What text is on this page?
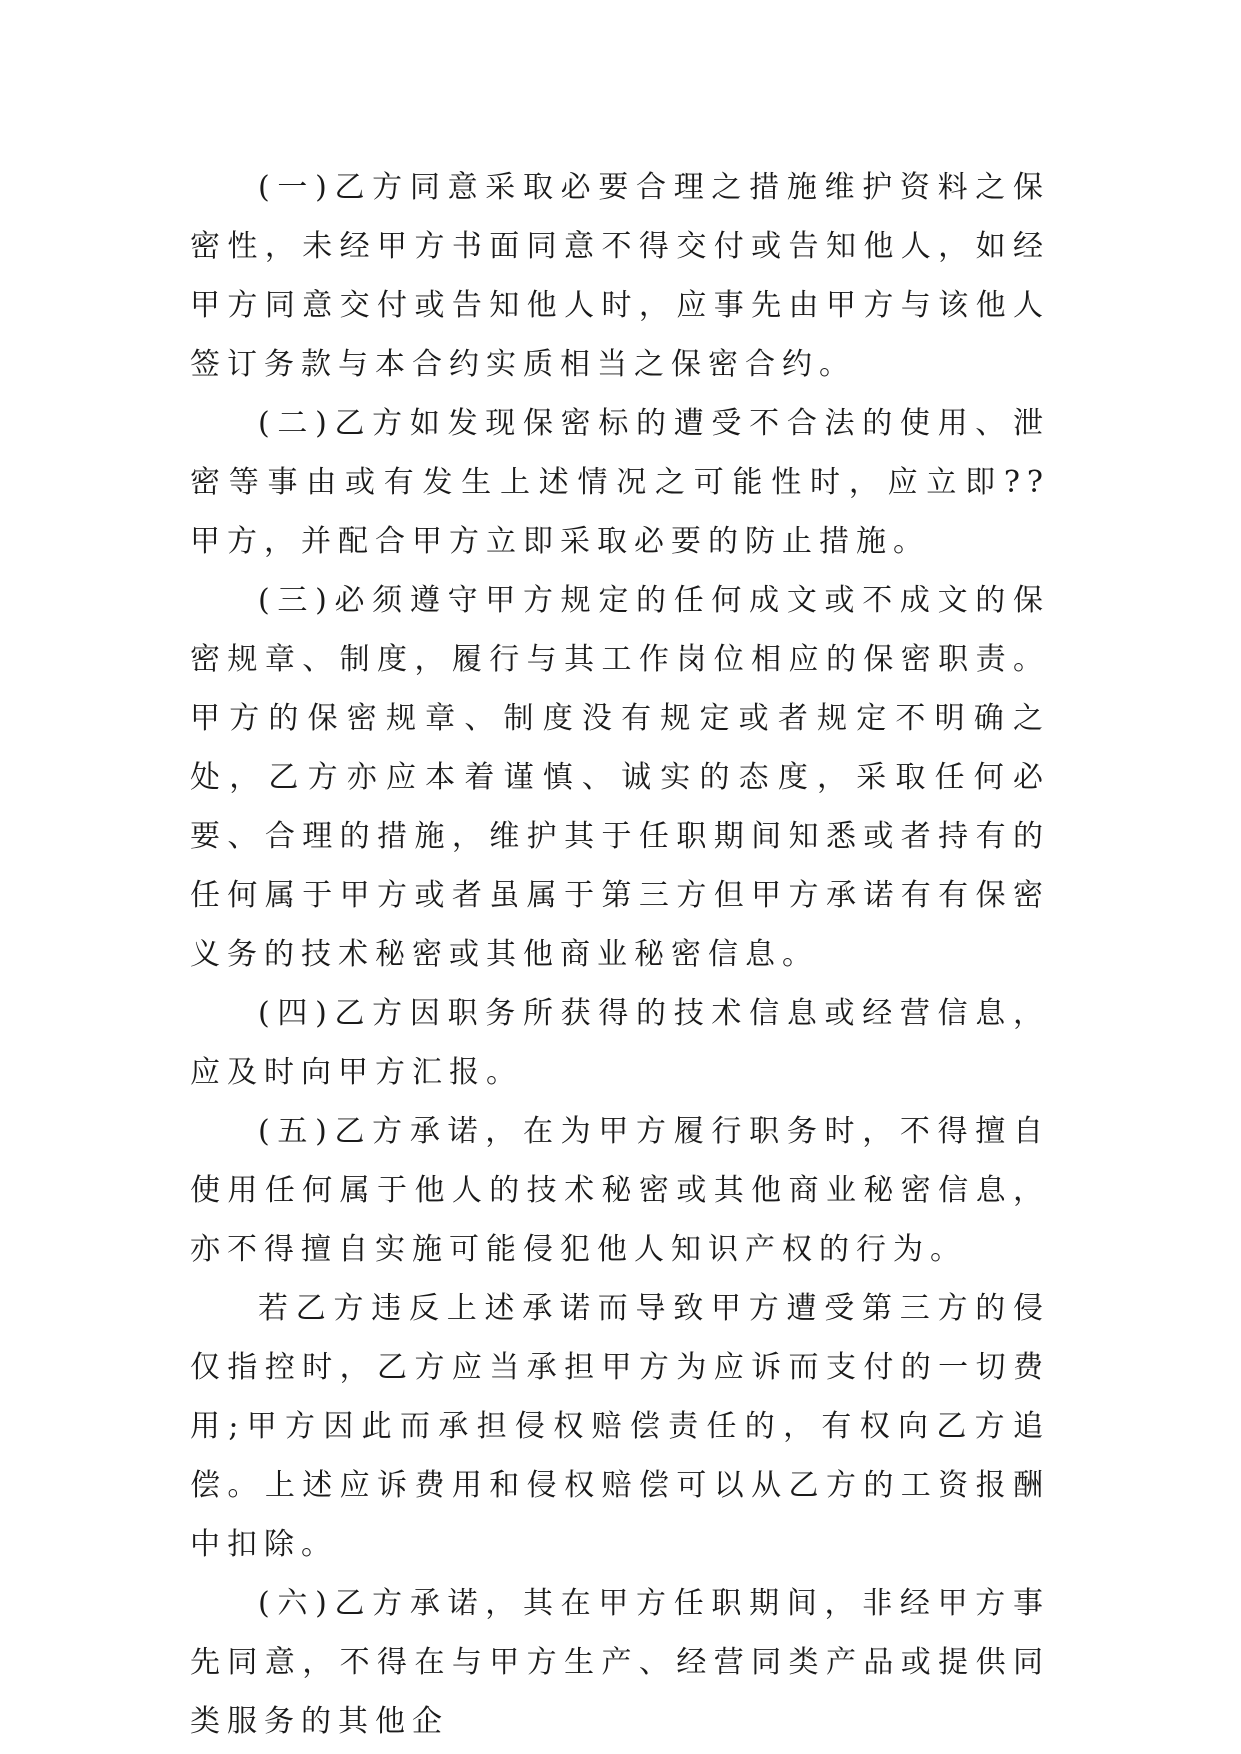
(一)乙方同意采取必要合理之措施维护资料之保密性，未经甲方书面同意不得交付或告知他人，如经甲方同意交付或告知他人时，应事先由甲方与该他人签订务款与本合约实质相当之保密合约。

(二)乙方如发现保密标的遭受不合法的使用、泄密等事由或有发生上述情况之可能性时，应立即??甲方，并配合甲方立即采取必要的防止措施。

(三)必须遵守甲方规定的任何成文或不成文的保密规章、制度，履行与其工作岗位相应的保密职责。甲方的保密规章、制度没有规定或者规定不明确之处，乙方亦应本着谨慎、诚实的态度，采取任何必要、合理的措施，维护其于任职期间知悉或者持有的任何属于甲方或者虽属于第三方但甲方承诺有有保密义务的技术秘密或其他商业秘密信息。

(四)乙方因职务所获得的技术信息或经营信息，应及时向甲方汇报。

(五)乙方承诺，在为甲方履行职务时，不得擅自使用任何属于他人的技术秘密或其他商业秘密信息，亦不得擅自实施可能侵犯他人知识产权的行为。

若乙方违反上述承诺而导致甲方遭受第三方的侵仅指控时，乙方应当承担甲方为应诉而支付的一切费用;甲方因此而承担侵权赔偿责任的，有权向乙方追偿。上述应诉费用和侵权赔偿可以从乙方的工资报酬中扣除。

(六)乙方承诺，其在甲方任职期间，非经甲方事先同意，不得在与甲方生产、经营同类产品或提供同类服务的其他企
